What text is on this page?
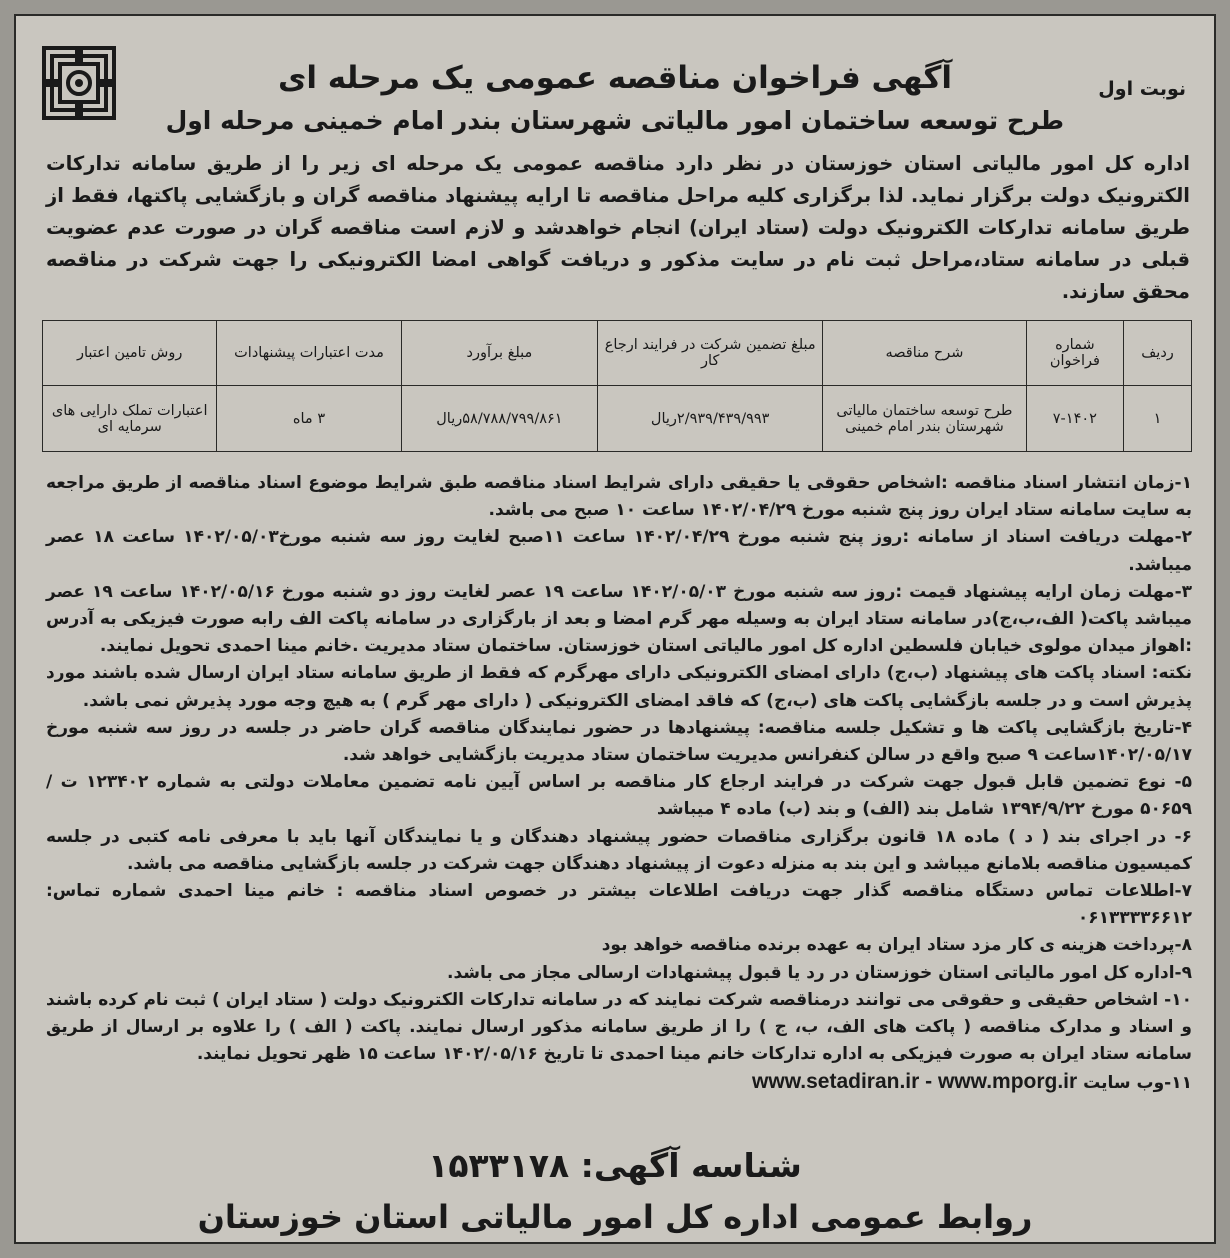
نوبت اول
آگهی فراخوان مناقصه عمومی یک مرحله ای
طرح توسعه ساختمان امور مالیاتی شهرستان بندر امام خمینی مرحله اول
اداره کل امور مالیاتی استان خوزستان در نظر دارد مناقصه عمومی یک مرحله ای زیر را از طریق سامانه تدارکات الکترونیک دولت برگزار نماید. لذا برگزاری کلیه مراحل مناقصه تا ارایه پیشنهاد مناقصه گران و بازگشایی پاکتها، فقط از طریق سامانه تدارکات الکترونیک دولت (ستاد ایران) انجام خواهدشد و لازم است مناقصه گران در صورت عدم عضویت قبلی در سامانه ستاد،مراحل ثبت نام در سایت مذکور و دریافت گواهی امضا الکترونیکی را جهت شرکت در مناقصه محقق سازند.
ردیف	شماره فراخوان	شرح مناقصه	مبلغ تضمین شرکت در فرایند ارجاع کار	مبلغ برآورد	مدت اعتبارات پیشنهادات	روش تامین اعتبار
۱	۷-۱۴۰۲	طرح توسعه ساختمان مالیاتی شهرستان بندر امام خمینی	۲/۹۳۹/۴۳۹/۹۹۳ریال	۵۸/۷۸۸/۷۹۹/۸۶۱ریال	۳ ماه	اعتبارات تملک دارایی های سرمایه ای

۱-زمان انتشار اسناد مناقصه :اشخاص حقوقی یا حقیقی دارای شرایط اسناد مناقصه طبق شرایط موضوع اسناد مناقصه از طریق مراجعه به سایت سامانه ستاد ایران روز پنج شنبه مورخ ۱۴۰۲/۰۴/۲۹ ساعت ۱۰ صبح می باشد.

۲-مهلت دریافت اسناد از سامانه :روز پنج شنبه مورخ ۱۴۰۲/۰۴/۲۹ ساعت ۱۱صبح لغایت روز سه شنبه مورخ۱۴۰۲/۰۵/۰۳ ساعت ۱۸ عصر میباشد.

۳-مهلت زمان ارایه پیشنهاد قیمت :روز سه شنبه مورخ ۱۴۰۲/۰۵/۰۳ ساعت ۱۹ عصر لغایت روز دو شنبه مورخ ۱۴۰۲/۰۵/۱۶ ساعت ۱۹ عصر میباشد پاکت( الف،ب،ج)در سامانه ستاد ایران به وسیله مهر گرم امضا و بعد از بارگزاری در سامانه پاکت الف رابه صورت فیزیکی به آدرس :اهواز میدان مولوی خیابان فلسطین اداره کل امور مالیاتی استان خوزستان. ساختمان ستاد مدیریت .خانم مینا احمدی تحویل نمایند.

نکته: اسناد پاکت های پیشنهاد (ب،ج) دارای امضای الکترونیکی دارای مهرگرم که فقط از طریق سامانه ستاد ایران ارسال شده باشند مورد پذیرش است و در جلسه بازگشایی پاکت های (ب،ج) که فاقد امضای الکترونیکی ( دارای مهر گرم ) به هیچ وجه مورد پذیرش نمی باشد.

۴-تاریخ بازگشایی پاکت ها و تشکیل جلسه مناقصه: پیشنهادها در حضور نمایندگان مناقصه گران حاضر در جلسه در روز سه شنبه مورخ ۱۴۰۲/۰۵/۱۷ساعت ۹ صبح واقع در سالن کنفرانس مدیریت ساختمان ستاد مدیریت بازگشایی خواهد شد.

۵- نوع تضمین قابل قبول جهت شرکت در فرایند ارجاع کار مناقصه بر اساس آیین نامه تضمین معاملات دولتی به شماره ۱۲۳۴۰۲ ت / ۵۰۶۵۹ مورخ ۱۳۹۴/۹/۲۲ شامل بند (الف) و بند (ب) ماده ۴ میباشد

۶- در اجرای بند ( د ) ماده ۱۸ قانون برگزاری مناقصات حضور پیشنهاد دهندگان و یا نمایندگان آنها باید با معرفی نامه کتبی در جلسه کمیسیون مناقصه بلامانع میباشد و این بند به منزله دعوت از پیشنهاد دهندگان جهت شرکت در جلسه بازگشایی مناقصه می باشد.

۷-اطلاعات تماس دستگاه مناقصه گذار جهت دریافت اطلاعات بیشتر در خصوص اسناد مناقصه : خانم مینا احمدی شماره تماس: ۰۶۱۳۳۳۳۶۶۱۲

۸-پرداخت هزینه ی کار مزد ستاد ایران به عهده برنده مناقصه خواهد بود

۹-اداره کل امور مالیاتی استان خوزستان در رد یا قبول پیشنهادات ارسالی مجاز می باشد.

۱۰- اشخاص حقیقی و حقوقی می توانند درمناقصه شرکت نمایند که در سامانه تدارکات الکترونیک دولت ( ستاد ایران ) ثبت نام کرده باشند و اسناد و مدارک مناقصه ( پاکت های الف، ب، ج ) را از طریق سامانه مذکور ارسال نمایند. پاکت ( الف ) را علاوه بر ارسال از طریق سامانه ستاد ایران به صورت فیزیکی به اداره تدارکات خانم مینا احمدی تا تاریخ ۱۴۰۲/۰۵/۱۶ ساعت ۱۵ ظهر تحویل نمایند.

۱۱-وب سایت www.setadiran.ir - www.mporg.ir

شناسه آگهی: ۱۵۳۳۱۷۸
روابط عمومی اداره کل امور مالیاتی استان خوزستان
